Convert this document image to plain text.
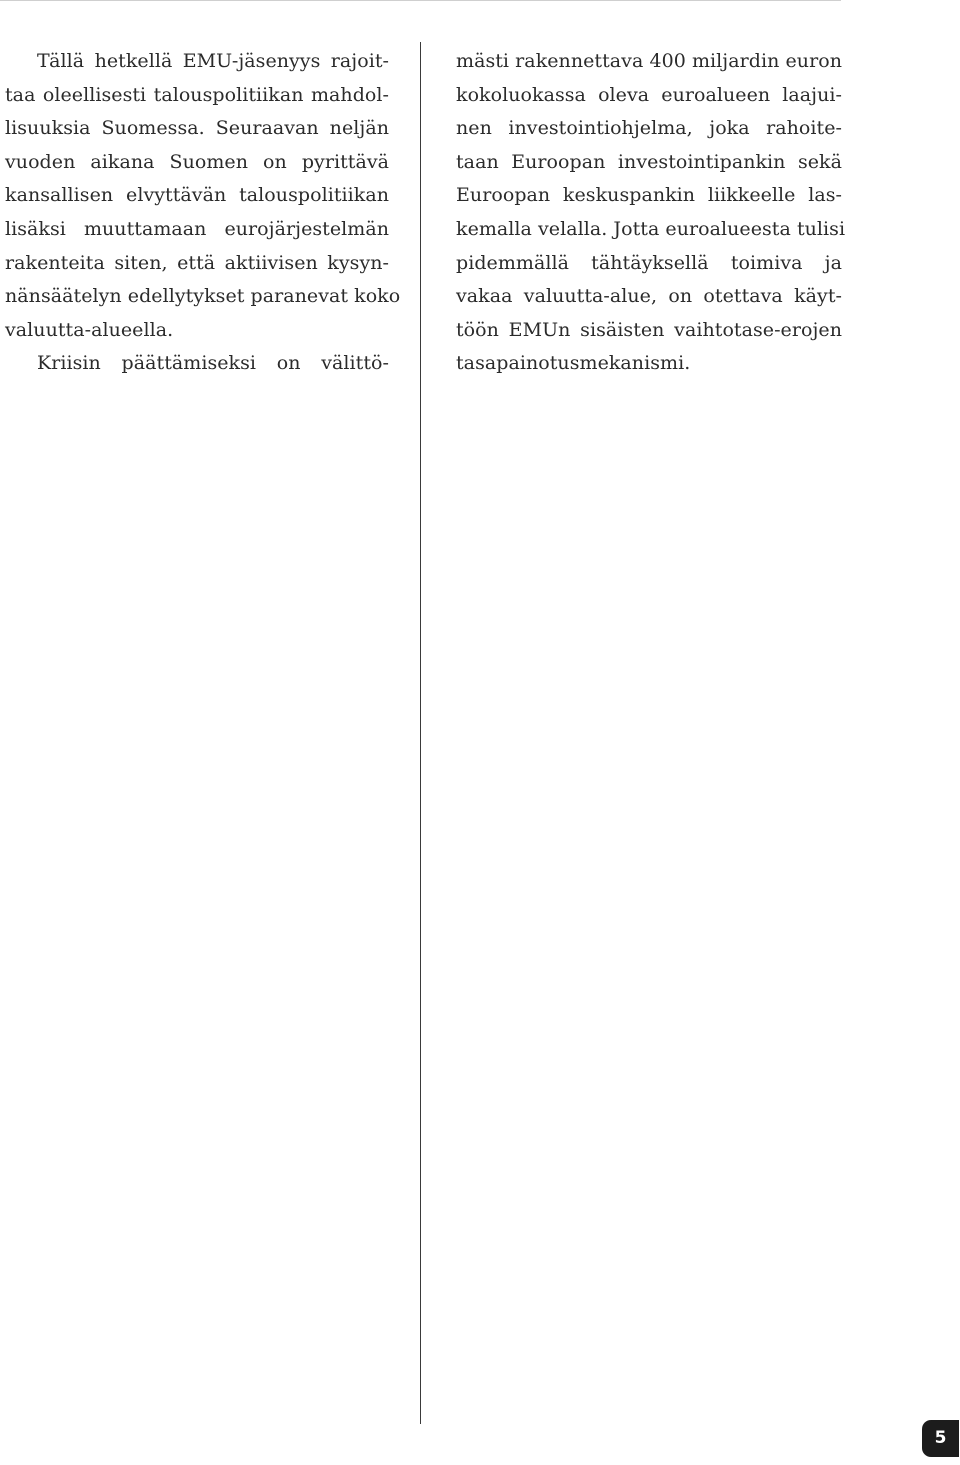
Tällä hetkellä EMU-jäsenyys rajoit-
taa oleellisesti talouspolitiikan mahdol-
lisuuksia Suomessa. Seuraavan neljän
vuoden aikana Suomen on pyrittävä
kansallisen elvyttävän talouspolitiikan
lisäksi muuttamaan eurojärjestelmän
rakenteita siten, että aktiivisen kysyn-
nänsäätelyn edellytykset paranevat koko
valuutta-alueella.
Kriisin päättämiseksi on välittö-
mästi rakennettava 400 miljardin euron
kokoluokassa oleva euroalueen laajui-
nen investointiohjelma, joka rahoite-
taan Euroopan investointipankin sekä
Euroopan keskuspankin liikkeelle las-
kemalla velalla. Jotta euroalueesta tulisi
pidemmällä tähtäyksellä toimiva ja
vakaa valuutta-alue, on otettava käyt-
töön EMUn sisäisten vaihtotase-erojen
tasapainotusmekanismi.
5
